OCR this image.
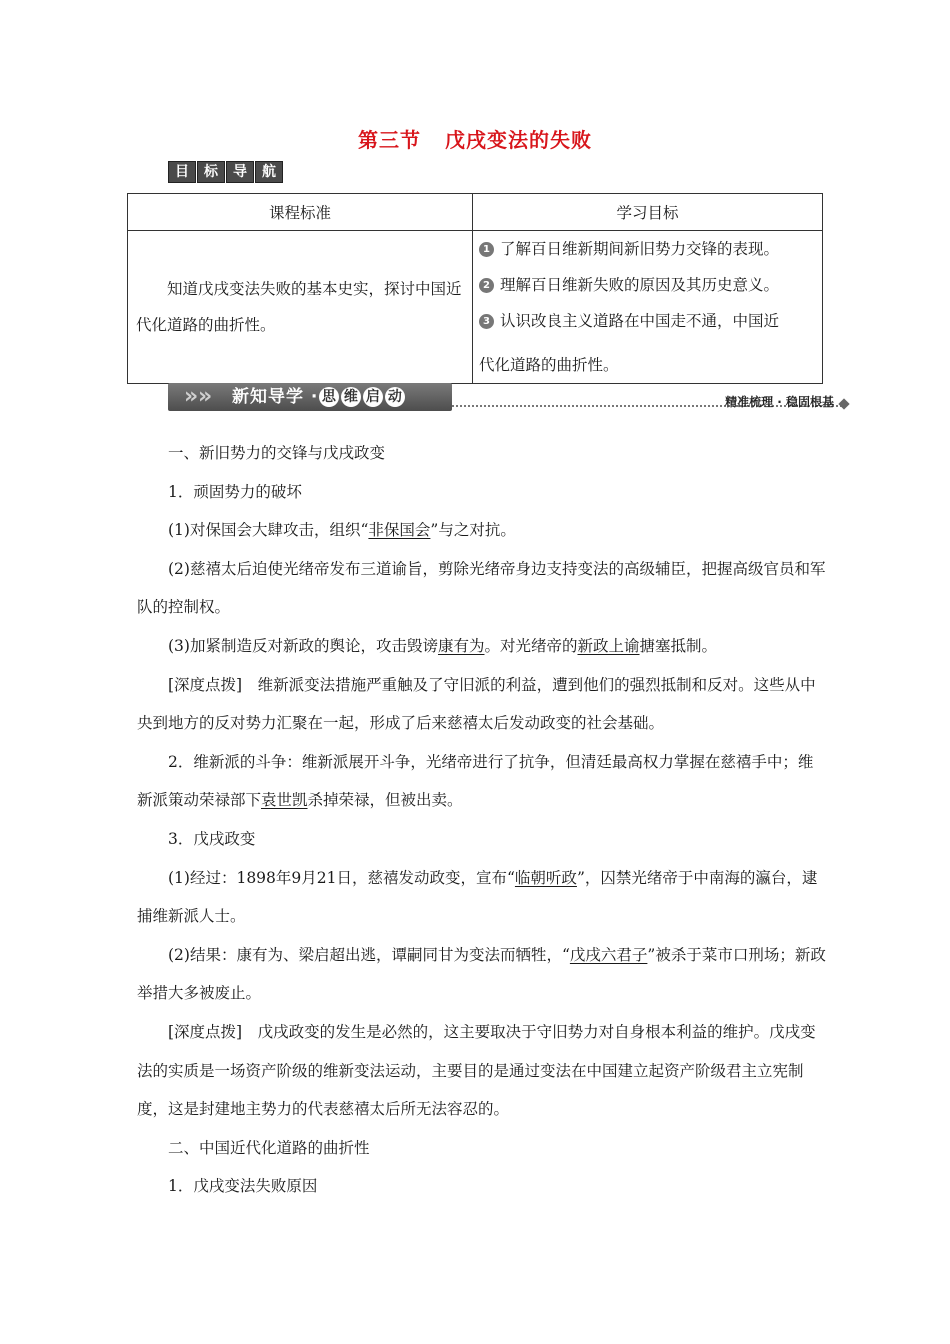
第三节 戊戌变法的失败
目	标	导	航
课程标准	学习目标

知道戊戌变法失败的基本史实，探讨中国近代化道路的曲折性。	1 了解百日维新期间新旧势力交锋的表现。

2 理解百日维新失败的原因及其历史意义。

3 认识改良主义道路在中国走不通，中国近

代化道路的曲折性。

» » 新知导学 · 思 维 启 动	精准梳理 · 稳固根基

一、新旧势力的交锋与戊戌政变

1．顽固势力的破坏

(1)对保国会大肆攻击，组织“非保国会”与之对抗。

(2)慈禧太后迫使光绪帝发布三道谕旨，剪除光绪帝身边支持变法的高级辅臣，把握高级官员和军队的控制权。

(3)加紧制造反对新政的舆论，攻击毁谤康有为。对光绪帝的新政上谕搪塞抵制。

[深度点拨]　维新派变法措施严重触及了守旧派的利益，遭到他们的强烈抵制和反对。这些从中央到地方的反对势力汇聚在一起，形成了后来慈禧太后发动政变的社会基础。

2．维新派的斗争：维新派展开斗争，光绪帝进行了抗争，但清廷最高权力掌握在慈禧手中；维新派策动荣禄部下袁世凯杀掉荣禄，但被出卖。

3．戊戌政变

(1)经过：1898年9月21日，慈禧发动政变，宣布“临朝听政”，囚禁光绪帝于中南海的瀛台，逮捕维新派人士。

(2)结果：康有为、梁启超出逃，谭嗣同甘为变法而牺牲，“戊戌六君子”被杀于菜市口刑场；新政举措大多被废止。

[深度点拨]　戊戌政变的发生是必然的，这主要取决于守旧势力对自身根本利益的维护。戊戌变法的实质是一场资产阶级的维新变法运动，主要目的是通过变法在中国建立起资产阶级君主立宪制度，这是封建地主势力的代表慈禧太后所无法容忍的。

二、中国近代化道路的曲折性

1．戊戌变法失败原因
